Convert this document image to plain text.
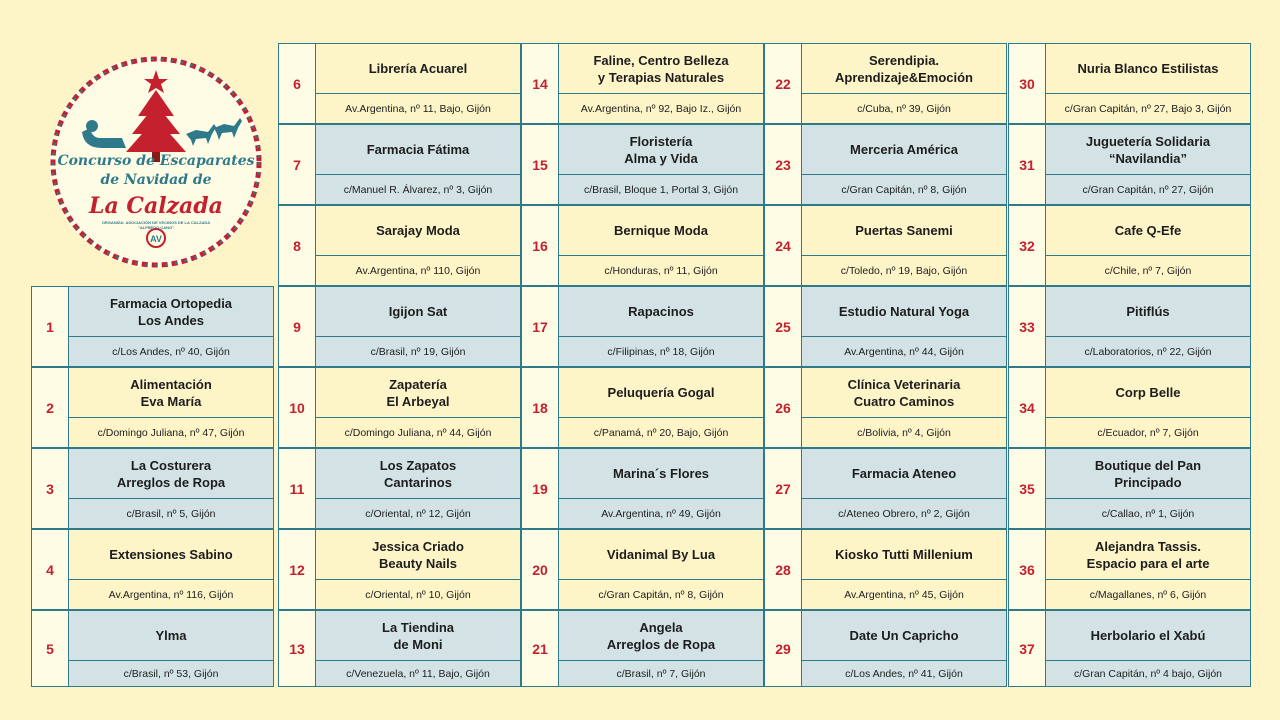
AV
Concurso de Escaparates
de Navidad de
La Calzada
ORGANIZA: ASOCIACIÓN DE VECINOS DE LA CALZADA "ALFREDO CANO"
1
Farmacia Ortopedia
Los Andes
c/Los Andes, nº 40, Gijón
2
Alimentación
Eva María
c/Domingo Juliana, nº 47, Gijón
3
La Costurera
Arreglos de Ropa
c/Brasil, nº 5, Gijón
4
Extensiones Sabino
Av.Argentina, nº 116, Gijón
5
Ylma
c/Brasil, nº 53, Gijón
6
Librería Acuarel
Av.Argentina, nº 11, Bajo, Gijón
7
Farmacia Fátima
c/Manuel R. Álvarez, nº 3, Gijón
8
Sarajay Moda
Av.Argentina, nº 110, Gijón
9
Igijon Sat
c/Brasil, nº 19, Gijón
10
Zapatería
El Arbeyal
c/Domingo Juliana, nº 44, Gijón
11
Los Zapatos
Cantarinos
c/Oriental, nº 12, Gijón
12
Jessica Criado
Beauty Nails
c/Oriental, nº 10, Gijón
13
La Tiendina
de Moni
c/Venezuela, nº 11, Bajo, Gijón
14
Faline, Centro Belleza
y Terapias Naturales
Av.Argentina, nº 92, Bajo Iz., Gijón
15
Floristería
Alma y Vida
c/Brasil, Bloque 1, Portal 3, Gijón
16
Bernique Moda
c/Honduras, nº 11, Gijón
17
Rapacinos
c/Filipinas, nº 18, Gijón
18
Peluquería Gogal
c/Panamá, nº 20, Bajo, Gijón
19
Marina´s Flores
Av.Argentina, nº 49, Gijón
20
Vidanimal By Lua
c/Gran Capitán, nº 8, Gijón
21
Angela
Arreglos de Ropa
c/Brasil, nº 7, Gijón
22
Serendipia.
Aprendizaje&Emoción
c/Cuba, nº 39, Gijón
23
Merceria América
c/Gran Capitán, nº 8, Gijón
24
Puertas Sanemi
c/Toledo, nº 19, Bajo, Gijón
25
Estudio Natural Yoga
Av.Argentina, nº 44, Gijón
26
Clínica Veterinaria
Cuatro Caminos
c/Bolivia, nº 4, Gijón
27
Farmacia Ateneo
c/Ateneo Obrero, nº 2, Gijón
28
Kiosko Tutti Millenium
Av.Argentina, nº 45, Gijón
29
Date Un Capricho
c/Los Andes, nº 41, Gijón
30
Nuria Blanco Estilistas
c/Gran Capitán, nº 27, Bajo 3, Gijón
31
Juguetería Solidaria
“Navilandia”
c/Gran Capitán, nº 27, Gijón
32
Cafe Q-Efe
c/Chile, nº 7, Gijón
33
Pitiflús
c/Laboratorios, nº 22, Gijón
34
Corp Belle
c/Ecuador, nº 7, Gijón
35
Boutique del Pan
Principado
c/Callao, nº 1, Gijón
36
Alejandra Tassis.
Espacio para el arte
c/Magallanes, nº 6, Gijón
37
Herbolario el Xabú
c/Gran Capitán, nº 4 bajo, Gijón
